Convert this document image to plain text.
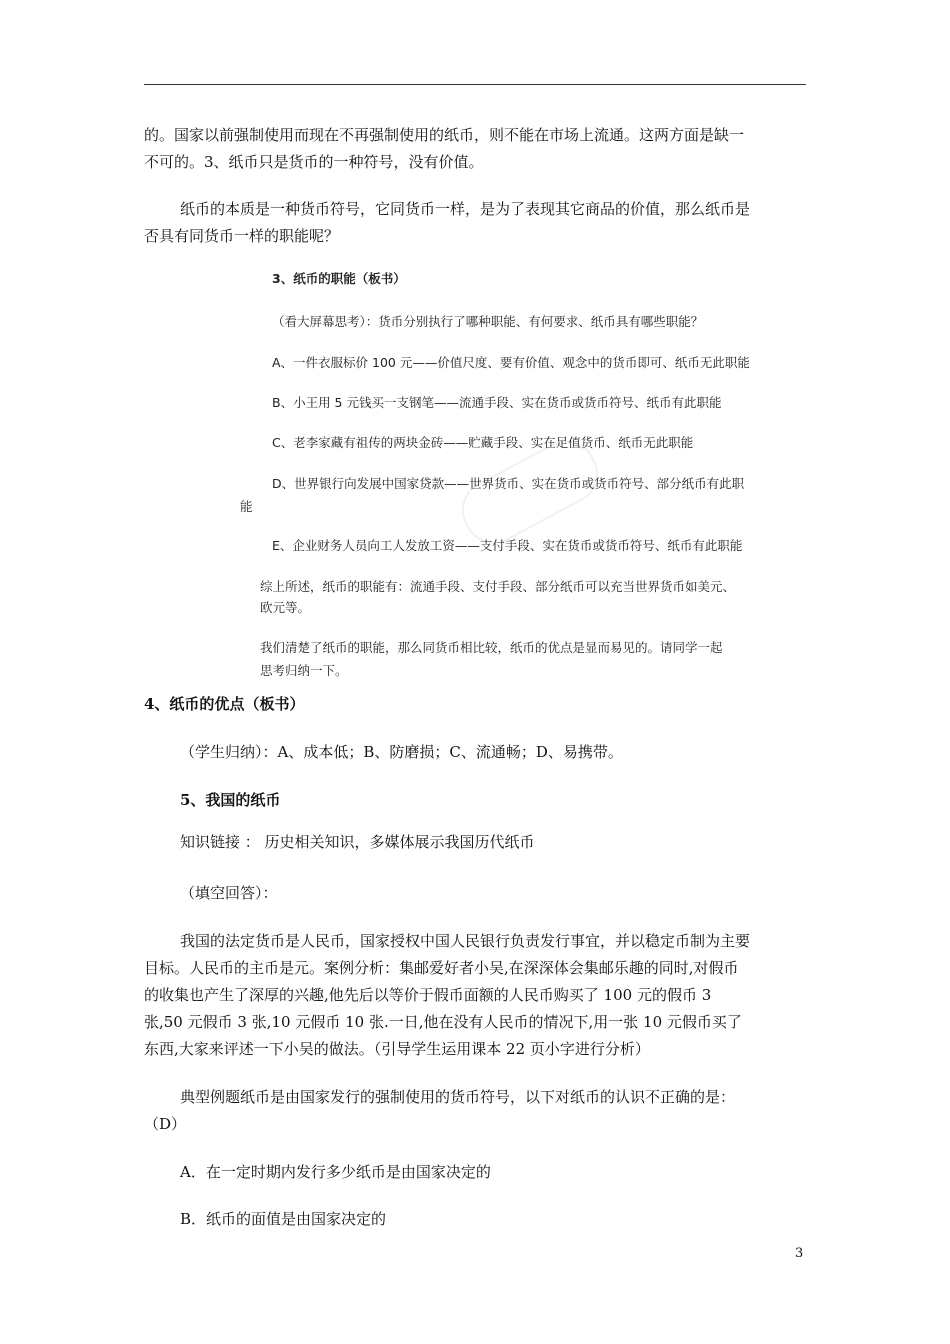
的。国家以前强制使用而现在不再强制使用的纸币，则不能在市场上流通。这两方面是缺一

不可的。3、纸币只是货币的一种符号，没有价值。

纸币的本质是一种货币符号，它同货币一样，是为了表现其它商品的价值，那么纸币是

否具有同货币一样的职能呢？

3、纸币的职能（板书）
（看大屏幕思考）：货币分别执行了哪种职能、有何要求、纸币具有哪些职能？
A、一件衣服标价 100 元——价值尺度、要有价值、观念中的货币即可、纸币无此职能
B、小王用 5 元钱买一支钢笔——流通手段、实在货币或货币符号、纸币有此职能
C、老李家藏有祖传的两块金砖——贮藏手段、实在足值货币、纸币无此职能
D、世界银行向发展中国家贷款——世界货币、实在货币或货币符号、部分纸币有此职
能
E、企业财务人员向工人发放工资——支付手段、实在货币或货币符号、纸币有此职能
综上所述，纸币的职能有：流通手段、支付手段、部分纸币可以充当世界货币如美元、
欧元等。
我们清楚了纸币的职能，那么同货币相比较，纸币的优点是显而易见的。请同学一起
思考归纳一下。

4、纸币的优点（板书）

（学生归纳）：A、成本低；B、防磨损；C、流通畅；D、易携带。

5、我国的纸币

知识链接 ： 历史相关知识，多媒体展示我国历代纸币

（填空回答）：

我国的法定货币是人民币，国家授权中国人民银行负责发行事宜，并以稳定币制为主要

目标。人民币的主币是元。案例分析：集邮爱好者小吴,在深深体会集邮乐趣的同时,对假币

的收集也产生了深厚的兴趣,他先后以等价于假币面额的人民币购买了 100 元的假币 3

张,50 元假币 3 张,10 元假币 10 张.一日,他在没有人民币的情况下,用一张 10 元假币买了

东西,大家来评述一下小吴的做法。（引导学生运用课本 22 页小字进行分析）

典型例题纸币是由国家发行的强制使用的货币符号，以下对纸币的认识不正确的是：

（D）

A．在一定时期内发行多少纸币是由国家决定的

B．纸币的面值是由国家决定的

3
